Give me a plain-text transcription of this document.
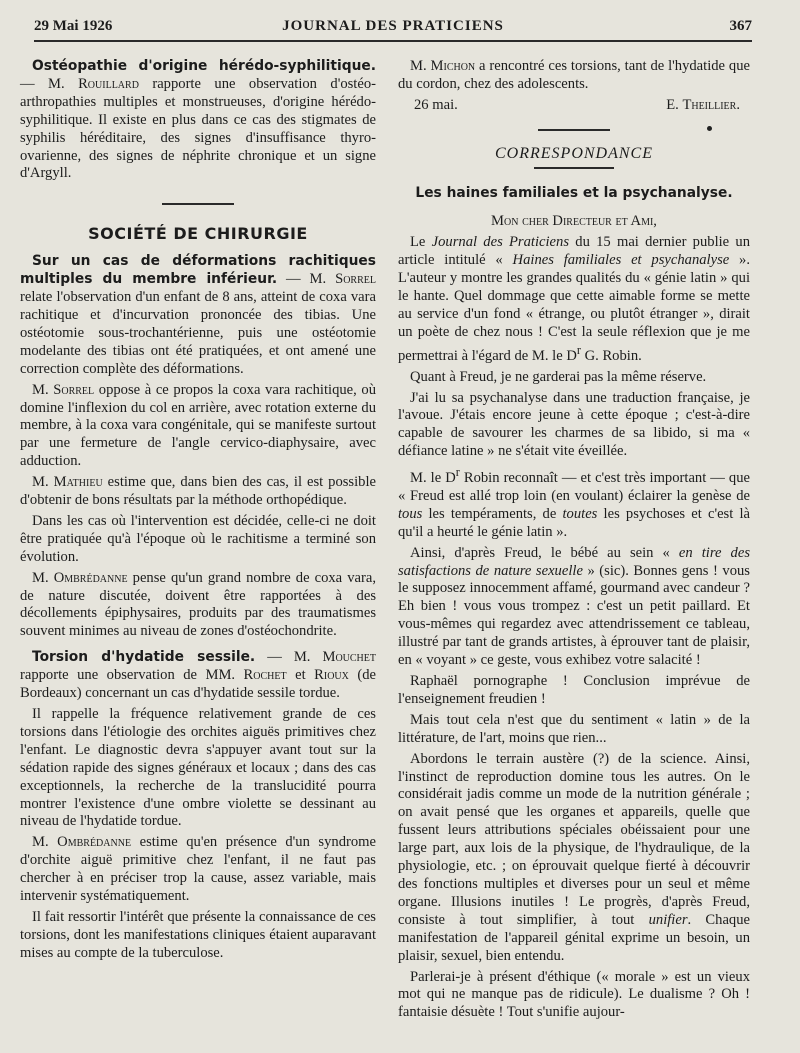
29 Mai 1926	JOURNAL DES PRATICIENS	367

Ostéopathie d'origine hérédo-syphilitique. — M. Rouillard rapporte une observation d'ostéo-arthropathies multiples et monstrueuses, d'origine hérédo-syphilitique. Il existe en plus dans ce cas des stigmates de syphilis héréditaire, des signes d'insuffisance thyro-ovarienne, des signes de néphrite chronique et un signe d'Argyll.

SOCIÉTÉ DE CHIRURGIE

Sur un cas de déformations rachitiques multiples du membre inférieur. — M. Sorrel relate l'observation d'un enfant de 8 ans, atteint de coxa vara rachitique et d'incurvation prononcée des tibias. Une ostéotomie sous-trochantérienne, puis une ostéotomie modelante des tibias ont été pratiquées, et ont amené une correction complète des déformations.

M. Sorrel oppose à ce propos la coxa vara rachitique, où domine l'inflexion du col en arrière, avec rotation externe du membre, à la coxa vara congénitale, qui se manifeste surtout par une fermeture de l'angle cervico-diaphysaire, avec adduction.

M. Mathieu estime que, dans bien des cas, il est possible d'obtenir de bons résultats par la méthode orthopédique.

Dans les cas où l'intervention est décidée, celle-ci ne doit être pratiquée qu'à l'époque où le rachitisme a terminé son évolution.

M. Ombrédanne pense qu'un grand nombre de coxa vara, de nature discutée, doivent être rapportées à des décollements épiphysaires, produits par des traumatismes souvent minimes au niveau de zones d'ostéochondrite.

Torsion d'hydatide sessile. — M. Mouchet rapporte une observation de MM. Rochet et Rioux (de Bordeaux) concernant un cas d'hydatide sessile tordue.

Il rappelle la fréquence relativement grande de ces torsions dans l'étiologie des orchites aiguës primitives chez l'enfant. Le diagnostic devra s'appuyer avant tout sur la sédation rapide des signes généraux et locaux ; dans des cas exceptionnels, la recherche de la translucidité pourra montrer l'existence d'une ombre violette se dessinant au niveau de l'hydatide tordue.

M. Ombrédanne estime qu'en présence d'un syndrome d'orchite aiguë primitive chez l'enfant, il ne faut pas chercher à en préciser trop la cause, assez variable, mais intervenir systématiquement.

Il fait ressortir l'intérêt que présente la connaissance de ces torsions, dont les manifestations cliniques étaient auparavant mises au compte de la tuberculose.

M. Michon a rencontré ces torsions, tant de l'hydatide que du cordon, chez des adolescents.

26 mai.	E. Theillier.
CORRESPONDANCE
Les haines familiales et la psychanalyse.
Mon cher Directeur et Ami,

Le Journal des Praticiens du 15 mai dernier publie un article intitulé « Haines familiales et psychanalyse ». L'auteur y montre les grandes qualités du « génie latin » qui le hante. Quel dommage que cette aimable forme se mette au service d'un fond « étrange, ou plutôt étranger », dirait un poète de chez nous ! C'est la seule réflexion que je me permettrai à l'égard de M. le $D^r$ G. Robin.

Quant à Freud, je ne garderai pas la même réserve.

J'ai lu sa psychanalyse dans une traduction française, je l'avoue. J'étais encore jeune à cette époque ; c'est-à-dire capable de savourer les charmes de sa libido, si ma « défiance latine » ne s'était vite éveillée.

M. le $D^r$ Robin reconnaît — et c'est très important — que « Freud est allé trop loin (en voulant) éclairer la genèse de tous les tempéraments, de toutes les psychoses et c'est là qu'il a heurté le génie latin ».

Ainsi, d'après Freud, le bébé au sein « en tire des satisfactions de nature sexuelle » (sic). Bonnes gens ! vous le supposez innocemment affamé, gourmand avec candeur ? Eh bien ! vous vous trompez : c'est un petit paillard. Et vous-mêmes qui regardez avec attendrissement ce tableau, illustré par tant de grands artistes, à éprouver tant de plaisir, en « voyant » ce geste, vous exhibez votre salacité !

Raphaël pornographe ! Conclusion imprévue de l'enseignement freudien !

Mais tout cela n'est que du sentiment « latin » de la littérature, de l'art, moins que rien...

Abordons le terrain austère (?) de la science. Ainsi, l'instinct de reproduction domine tous les autres. On le considérait jadis comme un mode de la nutrition générale ; on avait pensé que les organes et appareils, quelle que fussent leurs attributions spéciales obéissaient pour une large part, aux lois de la physique, de l'hydraulique, de la physiologie, etc. ; on éprouvait quelque fierté à découvrir des fonctions multiples et diverses pour un seul et même organe. Illusions inutiles ! Le progrès, d'après Freud, consiste à tout simplifier, à tout unifier. Chaque manifestation de l'appareil génital exprime un besoin, un plaisir, sexuel, bien entendu.

Parlerai-je à présent d'éthique (« morale » est un vieux mot qui ne manque pas de ridicule). Le dualisme ? Oh ! fantaisie désuète ! Tout s'unifie aujour-
